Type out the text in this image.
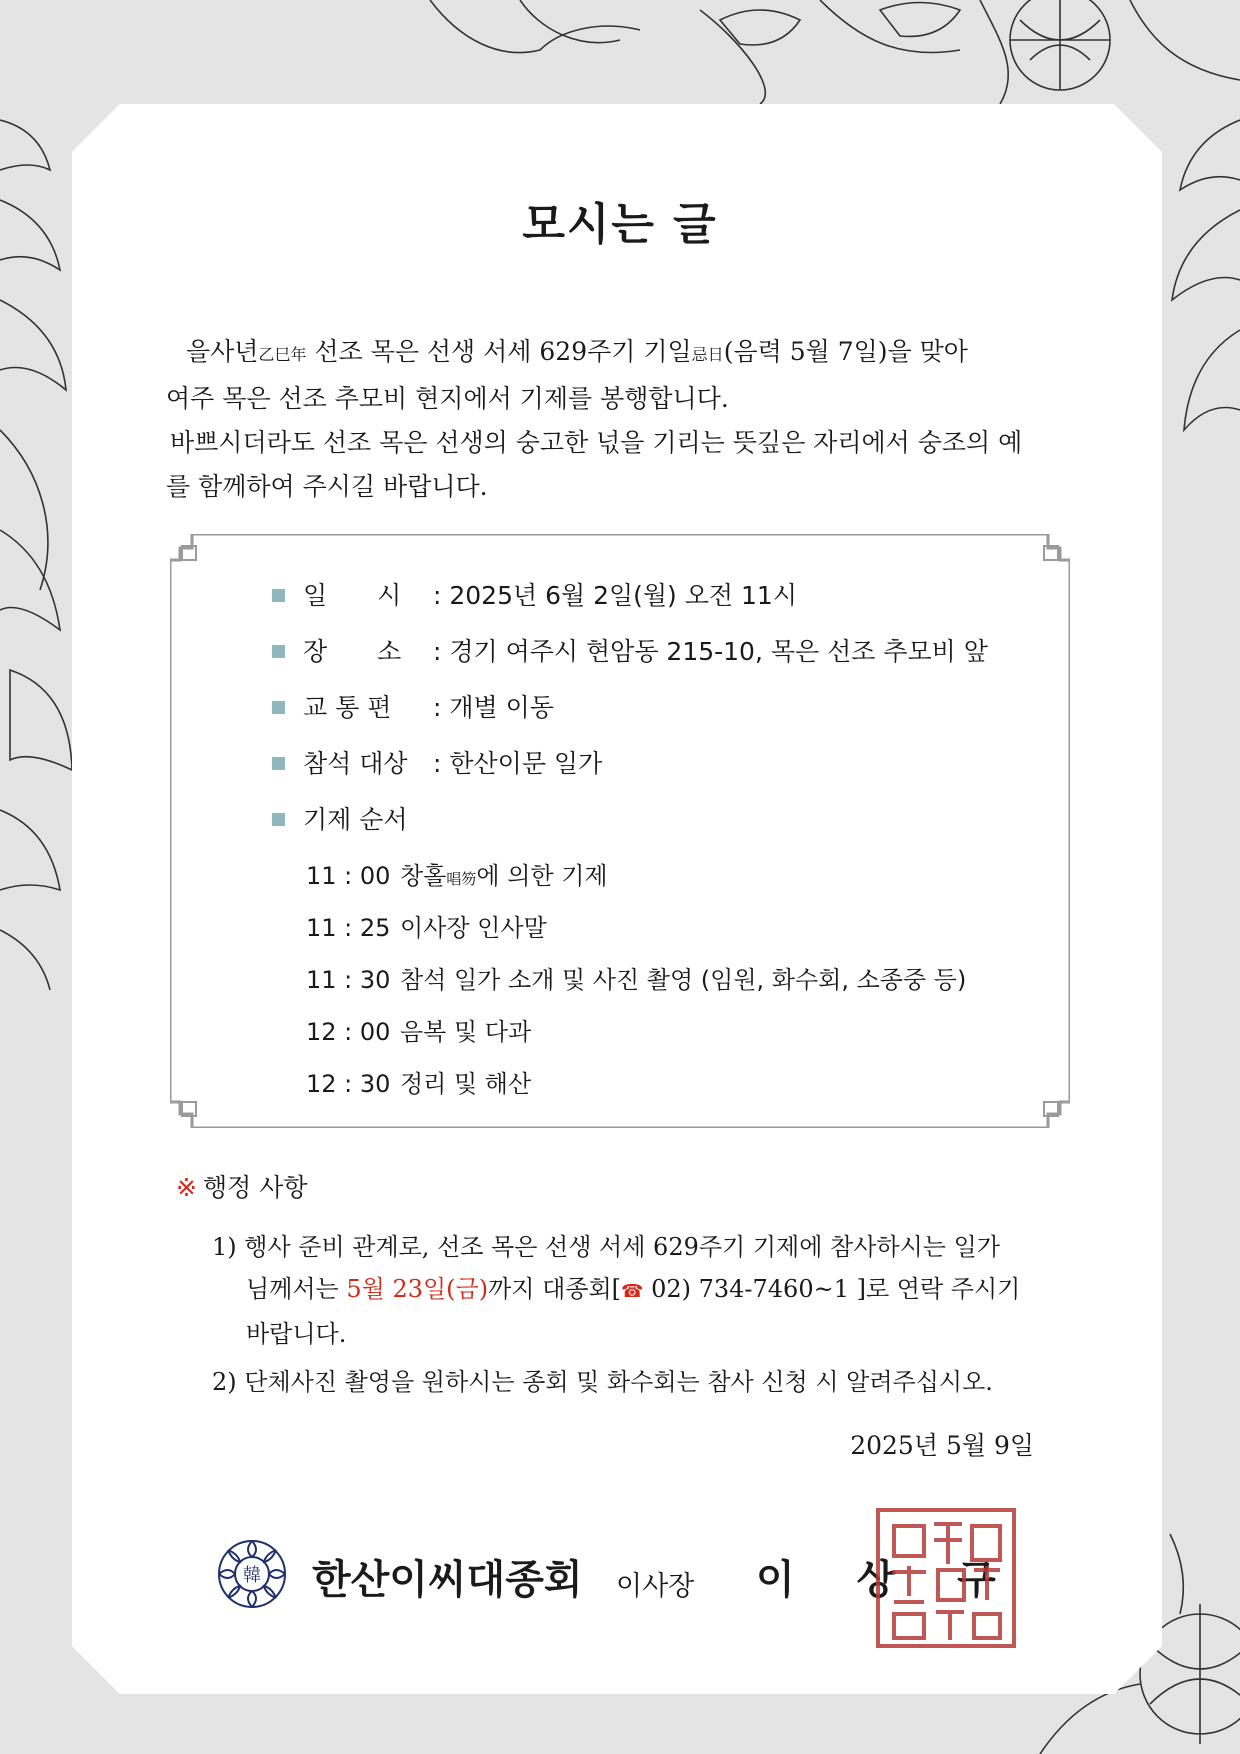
모시는 글

을사년乙巳年 선조 목은 선생 서세 629주기 기일忌日(음력 5월 7일)을 맞아

여주 목은 선조 추모비 현지에서 기제를 봉행합니다.

바쁘시더라도 선조 목은 선생의 숭고한 넋을 기리는 뜻깊은 자리에서 숭조의 예

를 함께하여 주시길 바랍니다.

일　　시 : 2025년 6월 2일(월) 오전 11시
장　　소 : 경기 여주시 현암동 215-10, 목은 선조 추모비 앞
교 통 편 : 개별 이동
참석 대상 : 한산이문 일가
기제 순서
11 : 00 창홀唱笏에 의한 기제
11 : 25 이사장 인사말
11 : 30 참석 일가 소개 및 사진 촬영 (임원, 화수회, 소종중 등)
12 : 00 음복 및 다과
12 : 30 정리 및 해산
※ 행정 사항

1) 행사 준비 관계로, 선조 목은 선생 서세 629주기 기제에 참사하시는 일가

님께서는 5월 23일(금)까지 대종회[☎ 02) 734-7460~1 ]로 연락 주시기

바랍니다.

2) 단체사진 촬영을 원하시는 종회 및 화수회는 참사 신청 시 알려주십시오.

2025년 5월 9일
韓 한산이씨대종회 이사장 이 상 구
